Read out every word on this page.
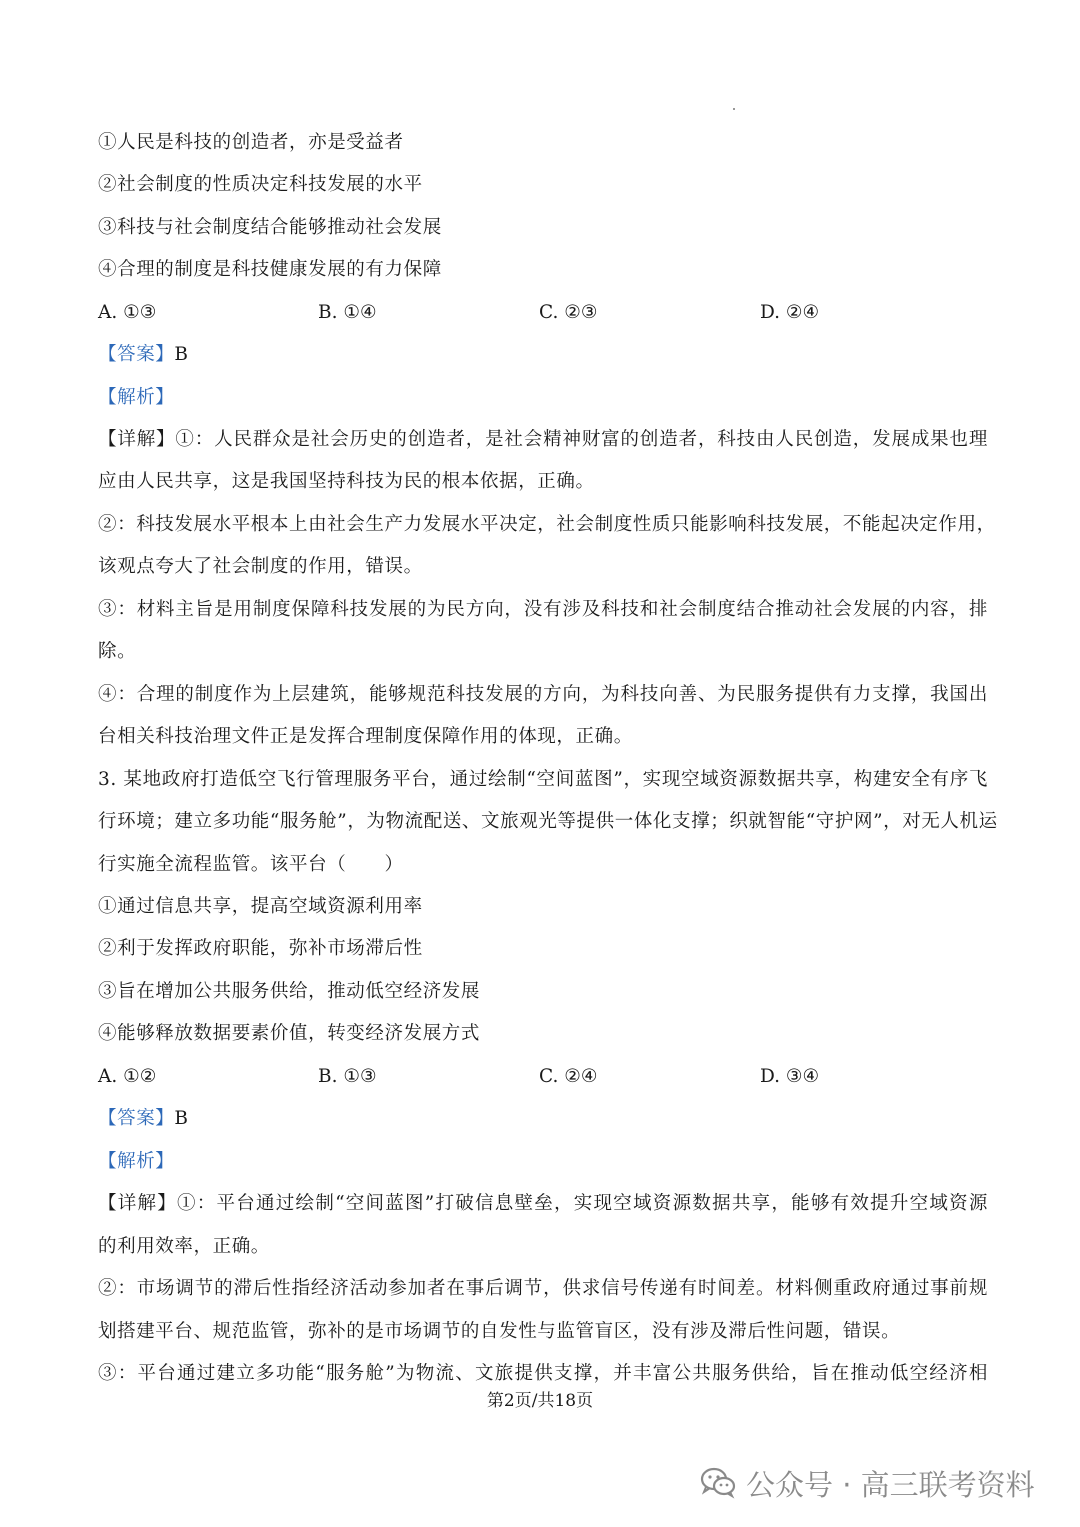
①人民是科技的创造者，亦是受益者
②社会制度的性质决定科技发展的水平
③科技与社会制度结合能够推动社会发展
④合理的制度是科技健康发展的有力保障
A. ①③	B. ①④	C. ②③	D. ②④
【答案】B
【解析】
【详解】①：人民群众是社会历史的创造者，是社会精神财富的创造者，科技由人民创造，发展成果也理
应由人民共享，这是我国坚持科技为民的根本依据，正确。
②：科技发展水平根本上由社会生产力发展水平决定，社会制度性质只能影响科技发展，不能起决定作用，
该观点夸大了社会制度的作用，错误。
③：材料主旨是用制度保障科技发展的为民方向，没有涉及科技和社会制度结合推动社会发展的内容，排
除。
④：合理的制度作为上层建筑，能够规范科技发展的方向，为科技向善、为民服务提供有力支撑，我国出
台相关科技治理文件正是发挥合理制度保障作用的体现，正确。
3. 某地政府打造低空飞行管理服务平台，通过绘制“空间蓝图”，实现空域资源数据共享，构建安全有序飞
行环境；建立多功能“服务舱”，为物流配送、文旅观光等提供一体化支撑；织就智能“守护网”，对无人机运
行实施全流程监管。该平台（　　）
①通过信息共享，提高空域资源利用率
②利于发挥政府职能，弥补市场滞后性
③旨在增加公共服务供给，推动低空经济发展
④能够释放数据要素价值，转变经济发展方式
A. ①②	B. ①③	C. ②④	D. ③④
【答案】B
【解析】
【详解】①：平台通过绘制“空间蓝图”打破信息壁垒，实现空域资源数据共享，能够有效提升空域资源
的利用效率，正确。
②：市场调节的滞后性指经济活动参加者在事后调节，供求信号传递有时间差。材料侧重政府通过事前规
划搭建平台、规范监管，弥补的是市场调节的自发性与监管盲区，没有涉及滞后性问题，错误。
③：平台通过建立多功能“服务舱”为物流、文旅提供支撑，并丰富公共服务供给，旨在推动低空经济相
第2页/共18页
公众号 · 高三联考资料
